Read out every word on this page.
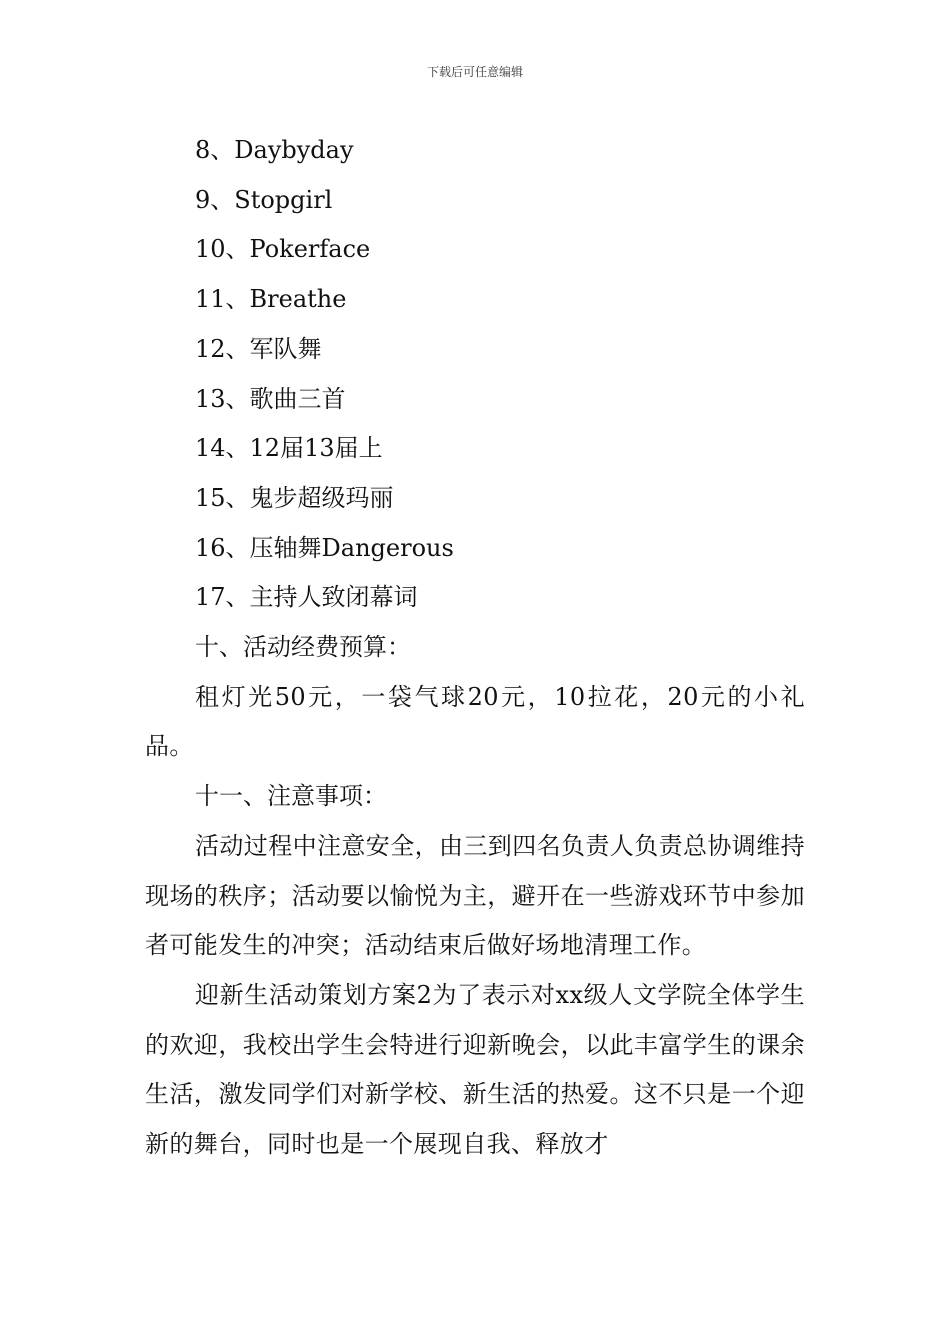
下载后可任意编辑
8、Daybyday
9、Stopgirl
10、Pokerface
11、Breathe
12、军队舞
13、歌曲三首
14、12届13届上
15、鬼步超级玛丽
16、压轴舞Dangerous
17、主持人致闭幕词
十、活动经费预算：

租灯光50元，一袋气球20元，10拉花，20元的小礼品。

十一、注意事项：

活动过程中注意安全，由三到四名负责人负责总协调维持现场的秩序；活动要以愉悦为主，避开在一些游戏环节中参加者可能发生的冲突；活动结束后做好场地清理工作。

迎新生活动策划方案2为了表示对xx级人文学院全体学生的欢迎，我校出学生会特进行迎新晚会，以此丰富学生的课余生活，激发同学们对新学校、新生活的热爱。这不只是一个迎新的舞台，同时也是一个展现自我、释放才
